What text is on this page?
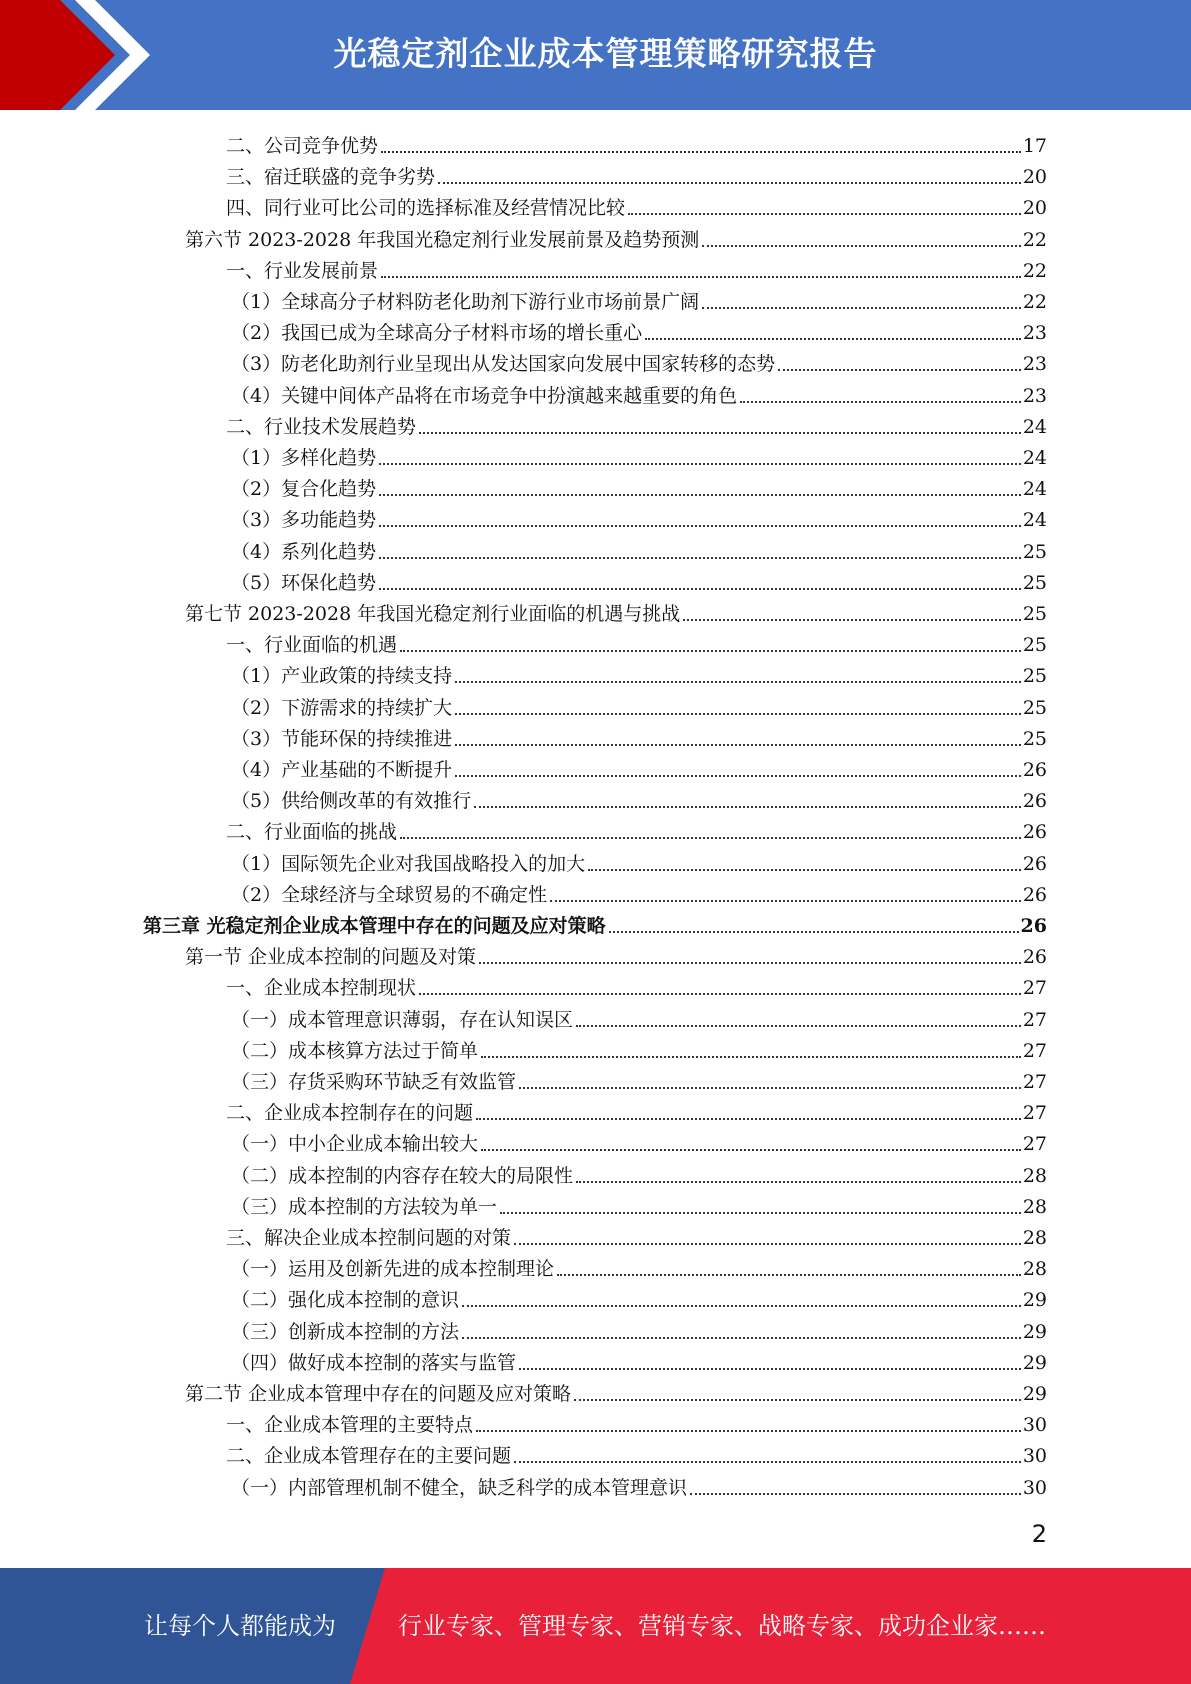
光稳定剂企业成本管理策略研究报告
二、公司竞争优势	17
三、宿迁联盛的竞争劣势	20
四、同行业可比公司的选择标准及经营情况比较	20
第六节 2023-2028 年我国光稳定剂行业发展前景及趋势预测	22
一、行业发展前景	22
（1）全球高分子材料防老化助剂下游行业市场前景广阔	22
（2）我国已成为全球高分子材料市场的增长重心	23
（3）防老化助剂行业呈现出从发达国家向发展中国家转移的态势	23
（4）关键中间体产品将在市场竞争中扮演越来越重要的角色	23
二、行业技术发展趋势	24
（1）多样化趋势	24
（2）复合化趋势	24
（3）多功能趋势	24
（4）系列化趋势	25
（5）环保化趋势	25
第七节 2023-2028 年我国光稳定剂行业面临的机遇与挑战	25
一、行业面临的机遇	25
（1）产业政策的持续支持	25
（2）下游需求的持续扩大	25
（3）节能环保的持续推进	25
（4）产业基础的不断提升	26
（5）供给侧改革的有效推行	26
二、行业面临的挑战	26
（1）国际领先企业对我国战略投入的加大	26
（2）全球经济与全球贸易的不确定性	26
第三章 光稳定剂企业成本管理中存在的问题及应对策略	26
第一节 企业成本控制的问题及对策	26
一、企业成本控制现状	27
（一）成本管理意识薄弱，存在认知误区	27
（二）成本核算方法过于简单	27
（三）存货采购环节缺乏有效监管	27
二、企业成本控制存在的问题	27
（一）中小企业成本输出较大	27
（二）成本控制的内容存在较大的局限性	28
（三）成本控制的方法较为单一	28
三、解决企业成本控制问题的对策	28
（一）运用及创新先进的成本控制理论	28
（二）强化成本控制的意识	29
（三）创新成本控制的方法	29
（四）做好成本控制的落实与监管	29
第二节 企业成本管理中存在的问题及应对策略	29
一、企业成本管理的主要特点	30
二、企业成本管理存在的主要问题	30
（一）内部管理机制不健全，缺乏科学的成本管理意识	30
2
让每个人都能成为	行业专家、管理专家、营销专家、战略专家、成功企业家……
